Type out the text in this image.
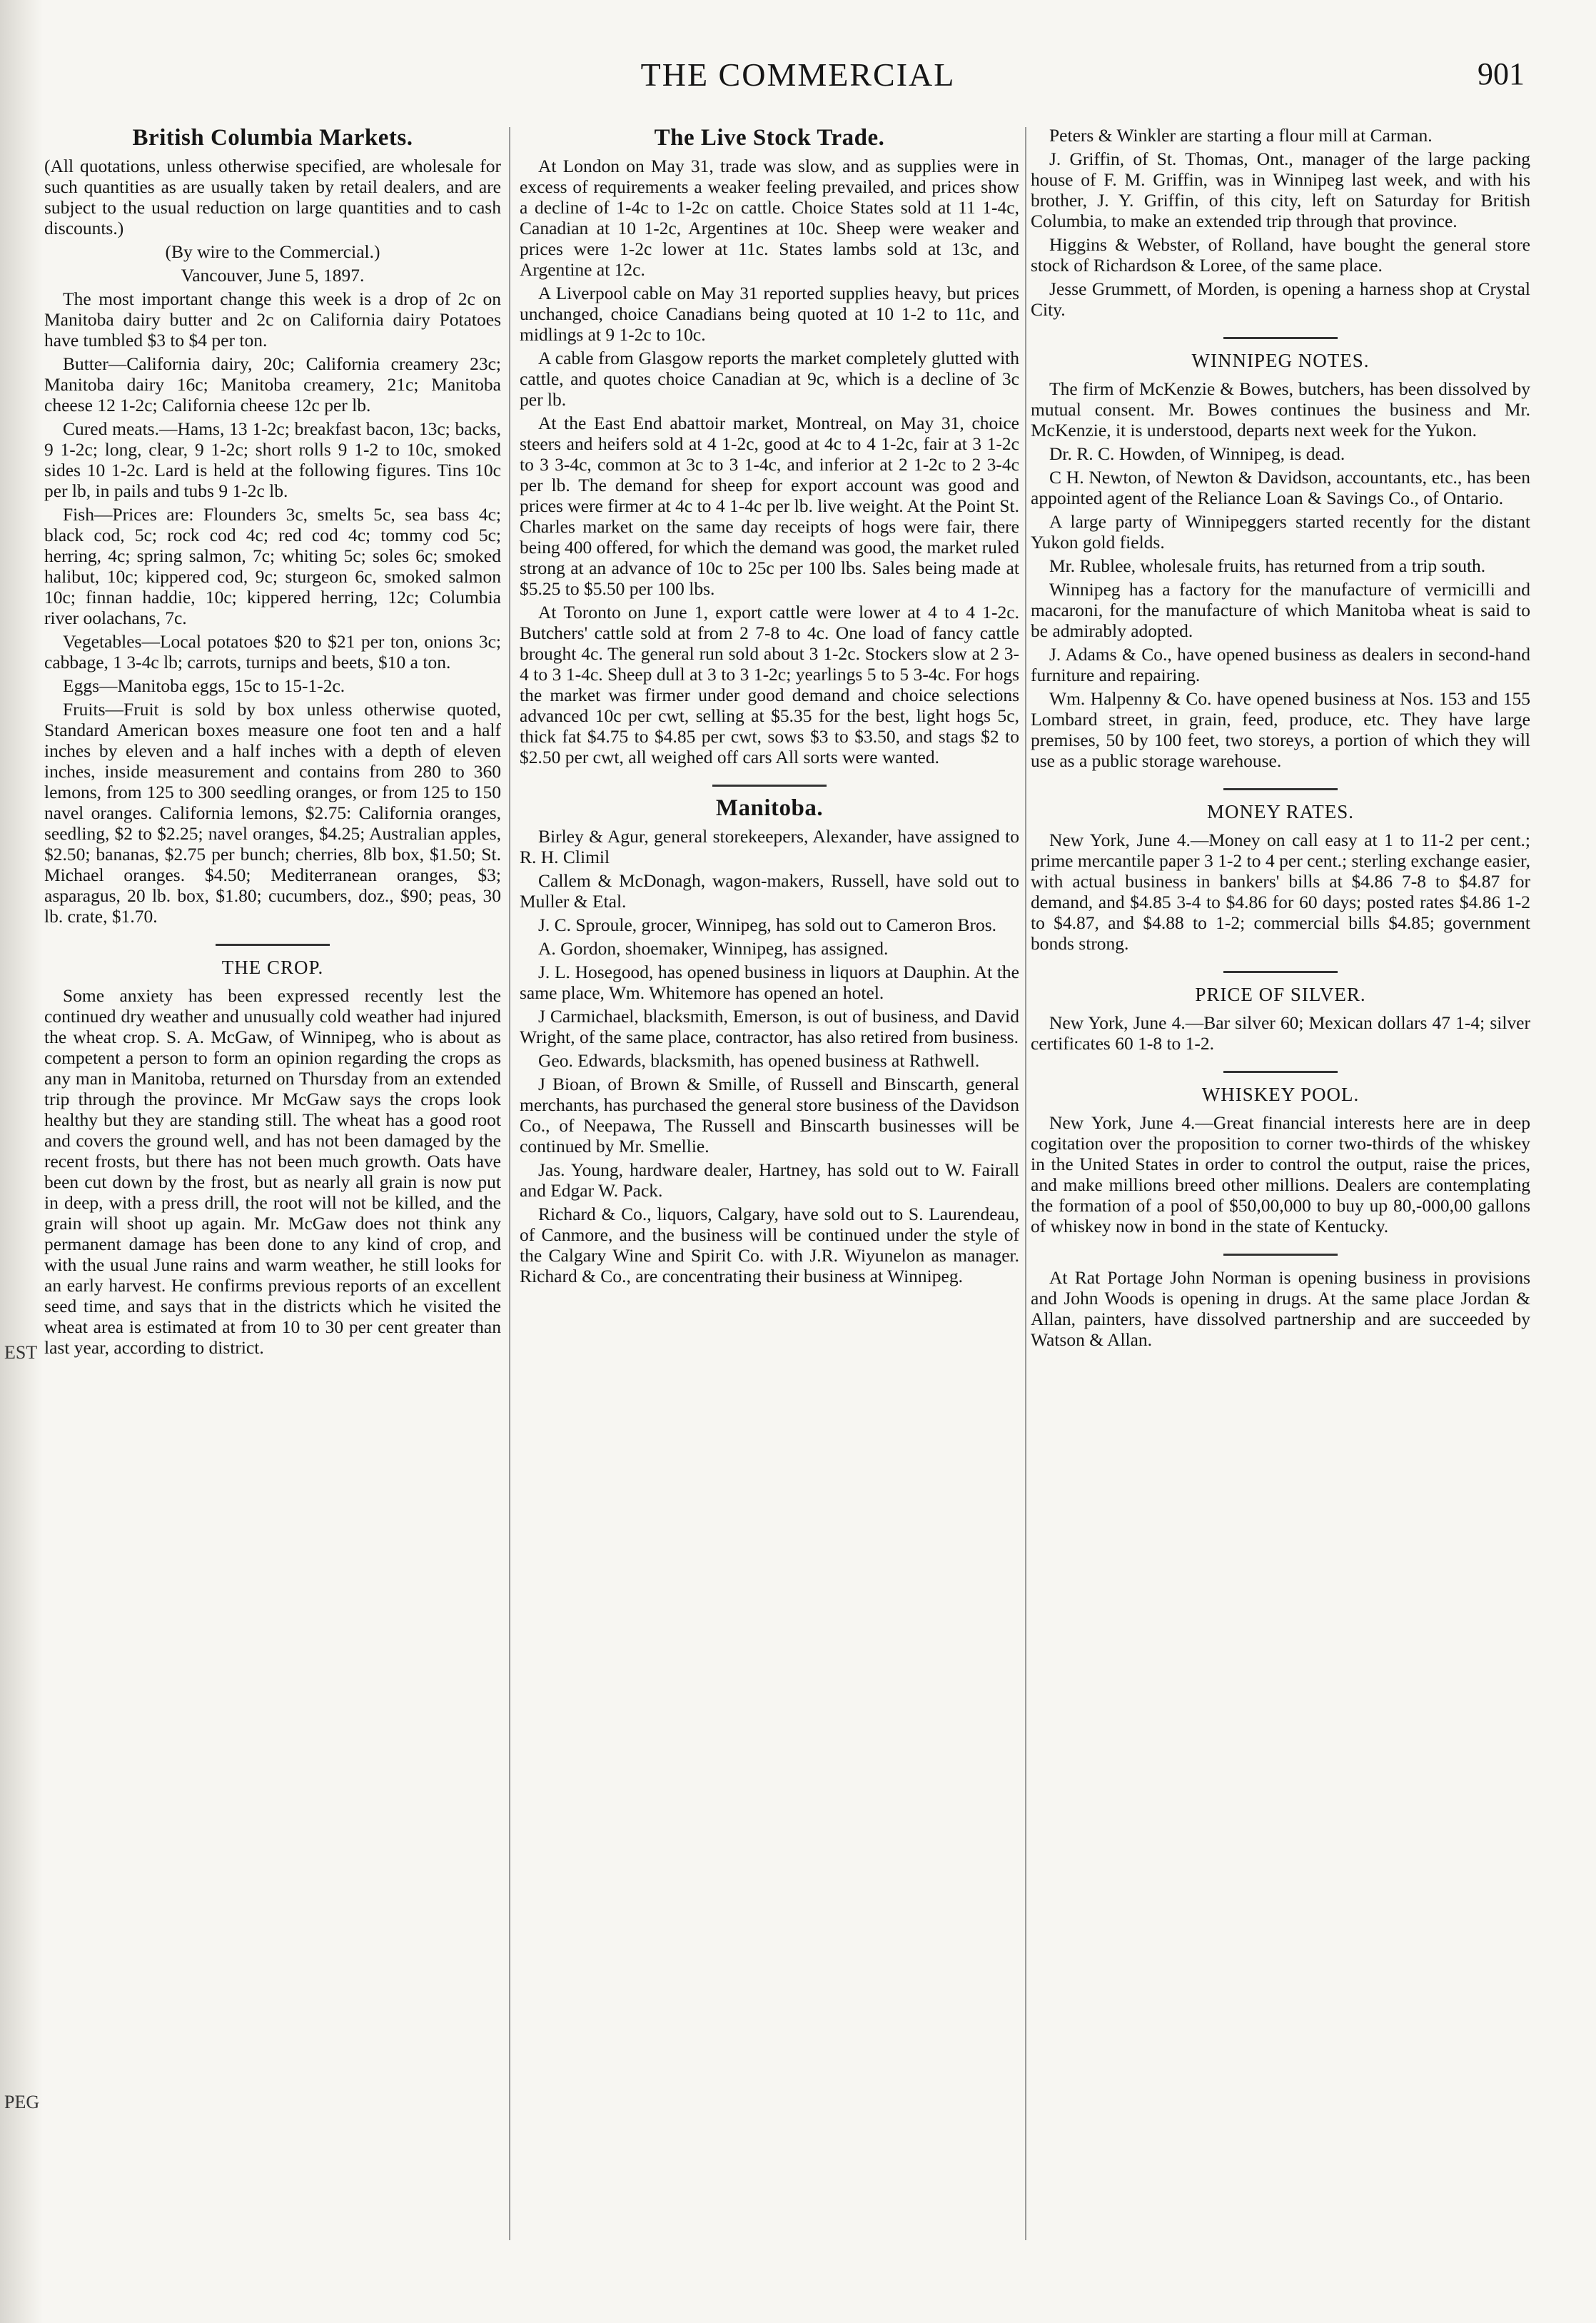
EST
PEG
THE COMMERCIAL	901
British Columbia Markets.

(All quotations, unless otherwise specified, are wholesale for such quantities as are usually taken by retail dealers, and are subject to the usual reduction on large quantities and to cash discounts.)

(By wire to the Commercial.)

Vancouver, June 5, 1897.

The most important change this week is a drop of 2c on Manitoba dairy butter and 2c on California dairy Potatoes have tumbled $3 to $4 per ton.

Butter—California dairy, 20c; California creamery 23c; Manitoba dairy 16c; Manitoba creamery, 21c; Manitoba cheese 12 1-2c; California cheese 12c per lb.

Cured meats.—Hams, 13 1-2c; breakfast bacon, 13c; backs, 9 1-2c; long, clear, 9 1-2c; short rolls 9 1-2 to 10c, smoked sides 10 1-2c. Lard is held at the following figures. Tins 10c per lb, in pails and tubs 9 1-2c lb.

Fish—Prices are: Flounders 3c, smelts 5c, sea bass 4c; black cod, 5c; rock cod 4c; red cod 4c; tommy cod 5c; herring, 4c; spring salmon, 7c; whiting 5c; soles 6c; smoked halibut, 10c; kippered cod, 9c; sturgeon 6c, smoked salmon 10c; finnan haddie, 10c; kippered herring, 12c; Columbia river oolachans, 7c.

Vegetables—Local potatoes $20 to $21 per ton, onions 3c; cabbage, 1 3-4c lb; carrots, turnips and beets, $10 a ton.

Eggs—Manitoba eggs, 15c to 15-1-2c.

Fruits—Fruit is sold by box unless otherwise quoted, Standard American boxes measure one foot ten and a half inches by eleven and a half inches with a depth of eleven inches, inside measurement and contains from 280 to 360 lemons, from 125 to 300 seedling oranges, or from 125 to 150 navel oranges. California lemons, $2.75: California oranges, seedling, $2 to $2.25; navel oranges, $4.25; Australian apples, $2.50; bananas, $2.75 per bunch; cherries, 8lb box, $1.50; St. Michael oranges. $4.50; Mediterranean oranges, $3; asparagus, 20 lb. box, $1.80; cucumbers, doz., $90; peas, 30 lb. crate, $1.70.

THE CROP.

Some anxiety has been expressed recently lest the continued dry weather and unusually cold weather had injured the wheat crop. S. A. McGaw, of Winnipeg, who is about as competent a person to form an opinion regarding the crops as any man in Manitoba, returned on Thursday from an extended trip through the province. Mr McGaw says the crops look healthy but they are standing still. The wheat has a good root and covers the ground well, and has not been damaged by the recent frosts, but there has not been much growth. Oats have been cut down by the frost, but as nearly all grain is now put in deep, with a press drill, the root will not be killed, and the grain will shoot up again. Mr. McGaw does not think any permanent damage has been done to any kind of crop, and with the usual June rains and warm weather, he still looks for an early harvest. He confirms previous reports of an excellent seed time, and says that in the districts which he visited the wheat area is estimated at from 10 to 30 per cent greater than last year, according to district.

The Live Stock Trade.

At London on May 31, trade was slow, and as supplies were in excess of requirements a weaker feeling prevailed, and prices show a decline of 1-4c to 1-2c on cattle. Choice States sold at 11 1-4c, Canadian at 10 1-2c, Argentines at 10c. Sheep were weaker and prices were 1-2c lower at 11c. States lambs sold at 13c, and Argentine at 12c.

A Liverpool cable on May 31 reported supplies heavy, but prices unchanged, choice Canadians being quoted at 10 1-2 to 11c, and midlings at 9 1-2c to 10c.

A cable from Glasgow reports the market completely glutted with cattle, and quotes choice Canadian at 9c, which is a decline of 3c per lb.

At the East End abattoir market, Montreal, on May 31, choice steers and heifers sold at 4 1-2c, good at 4c to 4 1-2c, fair at 3 1-2c to 3 3-4c, common at 3c to 3 1-4c, and inferior at 2 1-2c to 2 3-4c per lb. The demand for sheep for export account was good and prices were firmer at 4c to 4 1-4c per lb. live weight. At the Point St. Charles market on the same day receipts of hogs were fair, there being 400 offered, for which the demand was good, the market ruled strong at an advance of 10c to 25c per 100 lbs. Sales being made at $5.25 to $5.50 per 100 lbs.

At Toronto on June 1, export cattle were lower at 4 to 4 1-2c. Butchers' cattle sold at from 2 7-8 to 4c. One load of fancy cattle brought 4c. The general run sold about 3 1-2c. Stockers slow at 2 3-4 to 3 1-4c. Sheep dull at 3 to 3 1-2c; yearlings 5 to 5 3-4c. For hogs the market was firmer under good demand and choice selections advanced 10c per cwt, selling at $5.35 for the best, light hogs 5c, thick fat $4.75 to $4.85 per cwt, sows $3 to $3.50, and stags $2 to $2.50 per cwt, all weighed off cars All sorts were wanted.

Manitoba.

Birley & Agur, general storekeepers, Alexander, have assigned to R. H. Climil

Callem & McDonagh, wagon-makers, Russell, have sold out to Muller & Etal.

J. C. Sproule, grocer, Winnipeg, has sold out to Cameron Bros.

A. Gordon, shoemaker, Winnipeg, has assigned.

J. L. Hosegood, has opened business in liquors at Dauphin. At the same place, Wm. Whitemore has opened an hotel.

J Carmichael, blacksmith, Emerson, is out of business, and David Wright, of the same place, contractor, has also retired from business.

Geo. Edwards, blacksmith, has opened business at Rathwell.

J Bioan, of Brown & Smille, of Russell and Binscarth, general merchants, has purchased the general store business of the Davidson Co., of Neepawa, The Russell and Binscarth businesses will be continued by Mr. Smellie.

Jas. Young, hardware dealer, Hartney, has sold out to W. Fairall and Edgar W. Pack.

Richard & Co., liquors, Calgary, have sold out to S. Laurendeau, of Canmore, and the business will be continued under the style of the Calgary Wine and Spirit Co. with J.R. Wiyunelon as manager. Richard & Co., are concentrating their business at Winnipeg.

Peters & Winkler are starting a flour mill at Carman.

J. Griffin, of St. Thomas, Ont., manager of the large packing house of F. M. Griffin, was in Winnipeg last week, and with his brother, J. Y. Griffin, of this city, left on Saturday for British Columbia, to make an extended trip through that province.

Higgins & Webster, of Rolland, have bought the general store stock of Richardson & Loree, of the same place.

Jesse Grummett, of Morden, is opening a harness shop at Crystal City.

WINNIPEG NOTES.

The firm of McKenzie & Bowes, butchers, has been dissolved by mutual consent. Mr. Bowes continues the business and Mr. McKenzie, it is understood, departs next week for the Yukon.

Dr. R. C. Howden, of Winnipeg, is dead.

C H. Newton, of Newton & Davidson, accountants, etc., has been appointed agent of the Reliance Loan & Savings Co., of Ontario.

A large party of Winnipeggers started recently for the distant Yukon gold fields.

Mr. Rublee, wholesale fruits, has returned from a trip south.

Winnipeg has a factory for the manufacture of vermicilli and macaroni, for the manufacture of which Manitoba wheat is said to be admirably adopted.

J. Adams & Co., have opened business as dealers in second-hand furniture and repairing.

Wm. Halpenny & Co. have opened business at Nos. 153 and 155 Lombard street, in grain, feed, produce, etc. They have large premises, 50 by 100 feet, two storeys, a portion of which they will use as a public storage warehouse.

MONEY RATES.

New York, June 4.—Money on call easy at 1 to 11-2 per cent.; prime mercantile paper 3 1-2 to 4 per cent.; sterling exchange easier, with actual business in bankers' bills at $4.86 7-8 to $4.87 for demand, and $4.85 3-4 to $4.86 for 60 days; posted rates $4.86 1-2 to $4.87, and $4.88 to 1-2; commercial bills $4.85; government bonds strong.

PRICE OF SILVER.

New York, June 4.—Bar silver 60; Mexican dollars 47 1-4; silver certificates 60 1-8 to 1-2.

WHISKEY POOL.

New York, June 4.—Great financial interests here are in deep cogitation over the proposition to corner two-thirds of the whiskey in the United States in order to control the output, raise the prices, and make millions breed other millions. Dealers are contemplating the formation of a pool of $50,00,000 to buy up 80,-000,00 gallons of whiskey now in bond in the state of Kentucky.

At Rat Portage John Norman is opening business in provisions and John Woods is opening in drugs. At the same place Jordan & Allan, painters, have dissolved partnership and are succeeded by Watson & Allan.
